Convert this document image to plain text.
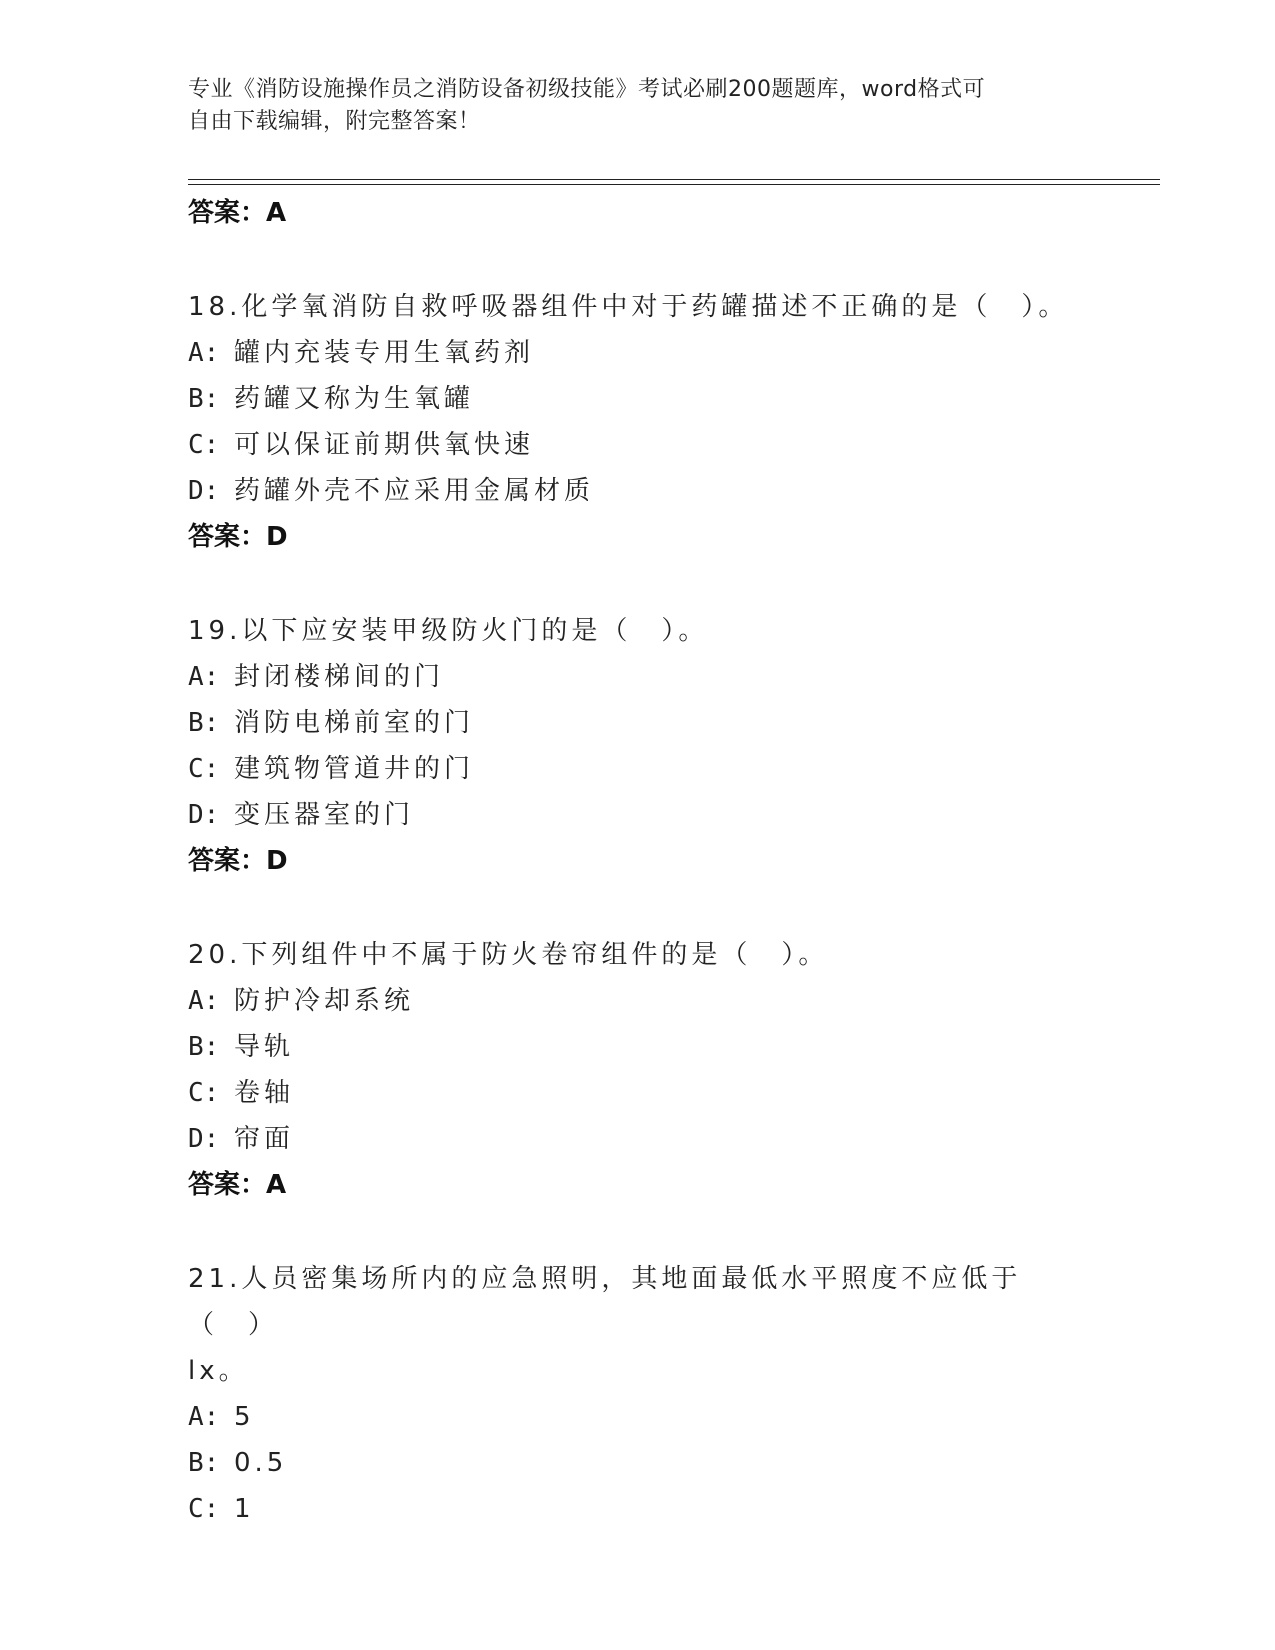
专业《消防设施操作员之消防设备初级技能》考试必刷200题题库，word格式可
自由下载编辑，附完整答案！
答案：A
18.化学氧消防自救呼吸器组件中对于药罐描述不正确的是（　）。
A: 罐内充装专用生氧药剂
B: 药罐又称为生氧罐
C: 可以保证前期供氧快速
D: 药罐外壳不应采用金属材质
答案：D
19.以下应安装甲级防火门的是（　）。
A: 封闭楼梯间的门
B: 消防电梯前室的门
C: 建筑物管道井的门
D: 变压器室的门
答案：D
20.下列组件中不属于防火卷帘组件的是（　）。
A: 防护冷却系统
B: 导轨
C: 卷轴
D: 帘面
答案：A
21.人员密集场所内的应急照明，其地面最低水平照度不应低于（　）
lx。
A: 5
B: 0.5
C: 1
